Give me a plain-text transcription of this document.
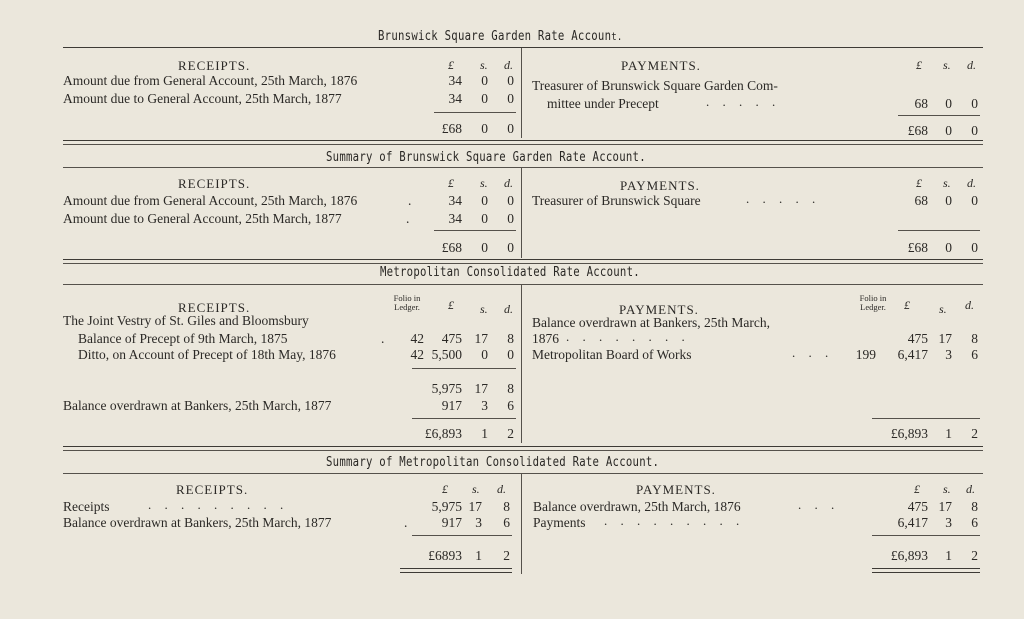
Brunswick Square Garden Rate Account.
RECEIPTS.	£ s. d.
Amount due from General Account, 25th March, 1876	34	0	0
Amount due to General Account, 25th March, 1877	34	0	0
£68	0	0
PAYMENTS.	£ s. d.
Treasurer of Brunswick Square Garden Com-
mittee under Precept	. . . . .	68	0	0
£68	0	0
Summary of Brunswick Square Garden Rate Account.
RECEIPTS.	£ s. d.
Amount due from General Account, 25th March, 1876	.	34	0	0
Amount due to General Account, 25th March, 1877	.	34	0	0
£68	0	0
PAYMENTS.	£ s. d.
Treasurer of Brunswick Square	. . . . .	68	0	0
£68	0	0
Metropolitan Consolidated Rate Account.
RECEIPTS.
Folio in
Ledger.	£ s. d.
The Joint Vestry of St. Giles and Bloomsbury
Balance of Precept of 9th March, 1875	.	42	475 17	8
Ditto, on Account of Precept of 18th May, 1876	42 5,500	0	0
5,975 17	8
Balance overdrawn at Bankers, 25th March, 1877	917	3	6
£6,893	1	2
PAYMENTS.
Folio in
Ledger.	£ s. d.
Balance overdrawn at Bankers, 25th March,
1876 . . . . . . . .	475 17	8
Metropolitan Board of Works	. . .	199	6,417	3	6
£6,893	1	2
Summary of Metropolitan Consolidated Rate Account.
RECEIPTS.	£ s. d.
Receipts	. . . . . . . . .	5,975 17	8
Balance overdrawn at Bankers, 25th March, 1877	.	917 3	6
£6893 1	2
PAYMENTS.	£ s. d.
Balance overdrawn, 25th March, 1876	. . .	475 17	8
Payments . . . . . . . . .	6,417	3	6
£6,893	1	2
